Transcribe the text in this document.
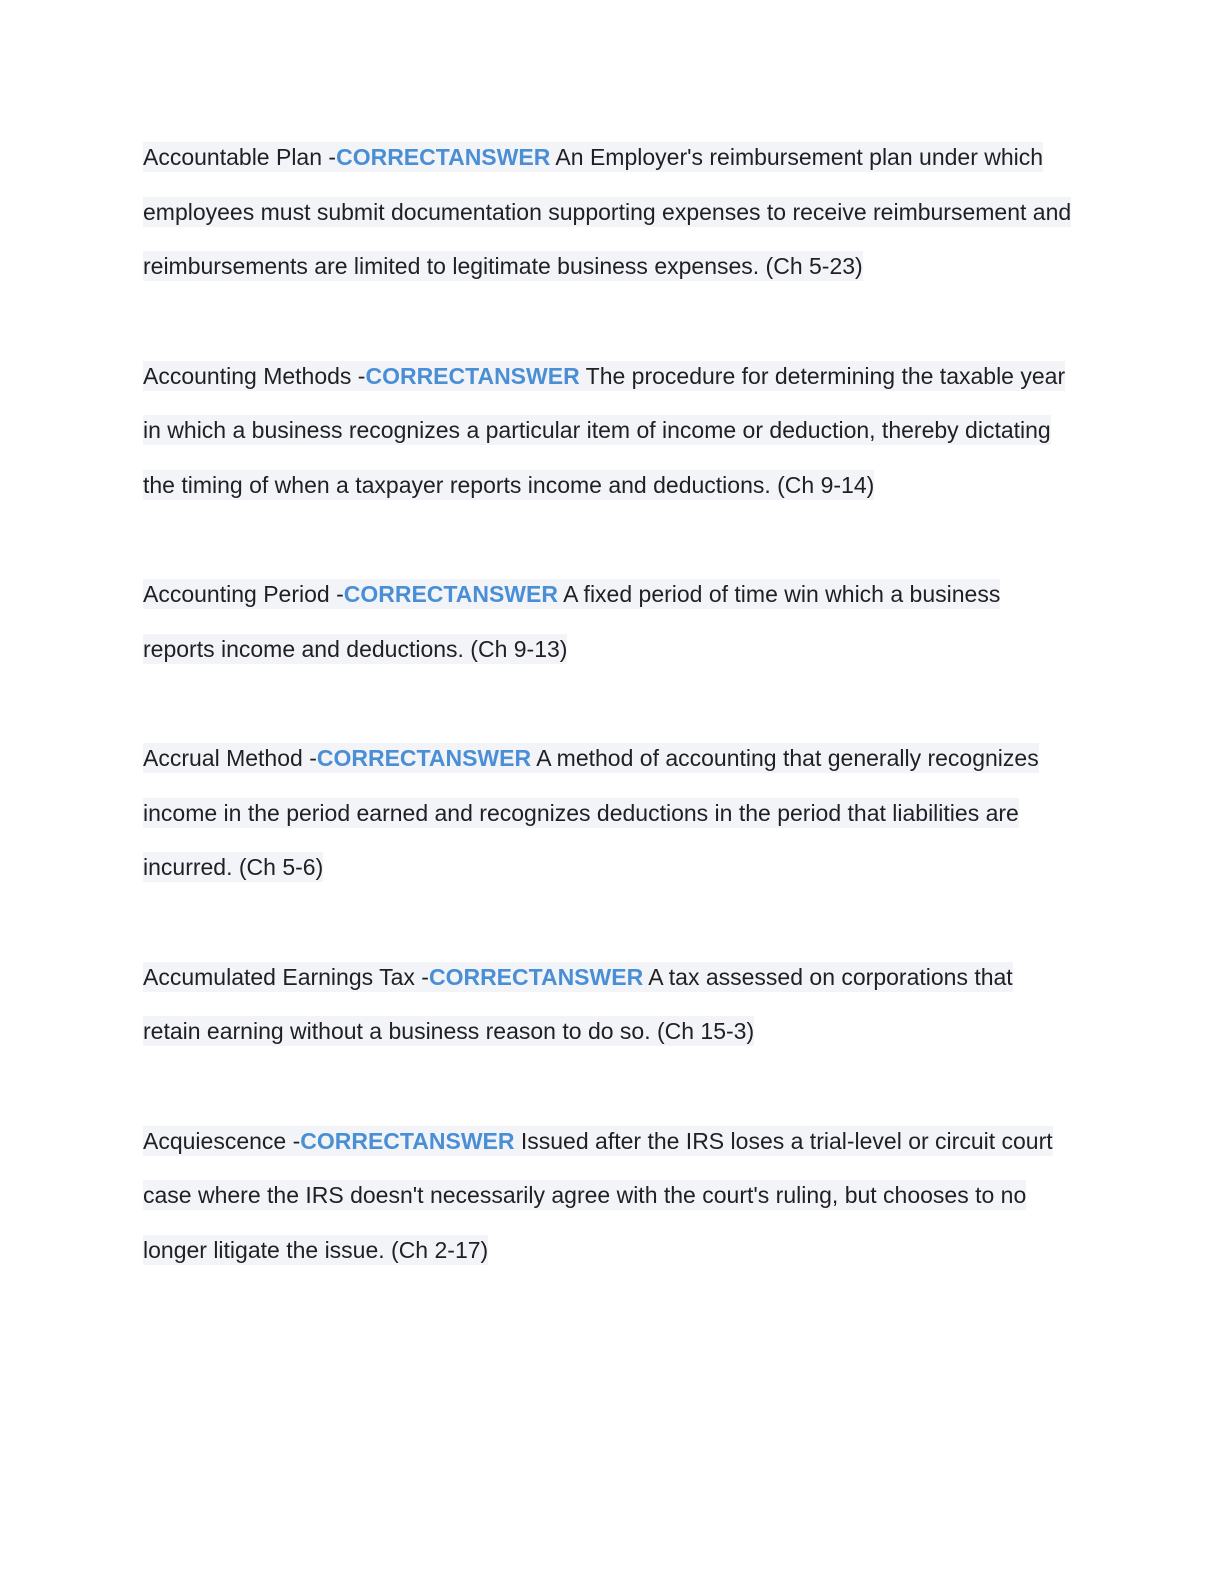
Accountable Plan -CORRECTANSWER An Employer's reimbursement plan under which employees must submit documentation supporting expenses to receive reimbursement and reimbursements are limited to legitimate business expenses. (Ch 5-23)

Accounting Methods -CORRECTANSWER The procedure for determining the taxable year in which a business recognizes a particular item of income or deduction, thereby dictating the timing of when a taxpayer reports income and deductions. (Ch 9-14)

Accounting Period -CORRECTANSWER A fixed period of time win which a business reports income and deductions. (Ch 9-13)

Accrual Method -CORRECTANSWER A method of accounting that generally recognizes income in the period earned and recognizes deductions in the period that liabilities are incurred. (Ch 5-6)

Accumulated Earnings Tax -CORRECTANSWER A tax assessed on corporations that retain earning without a business reason to do so. (Ch 15-3)

Acquiescence -CORRECTANSWER Issued after the IRS loses a trial-level or circuit court case where the IRS doesn't necessarily agree with the court's ruling, but chooses to no longer litigate the issue. (Ch 2-17)
